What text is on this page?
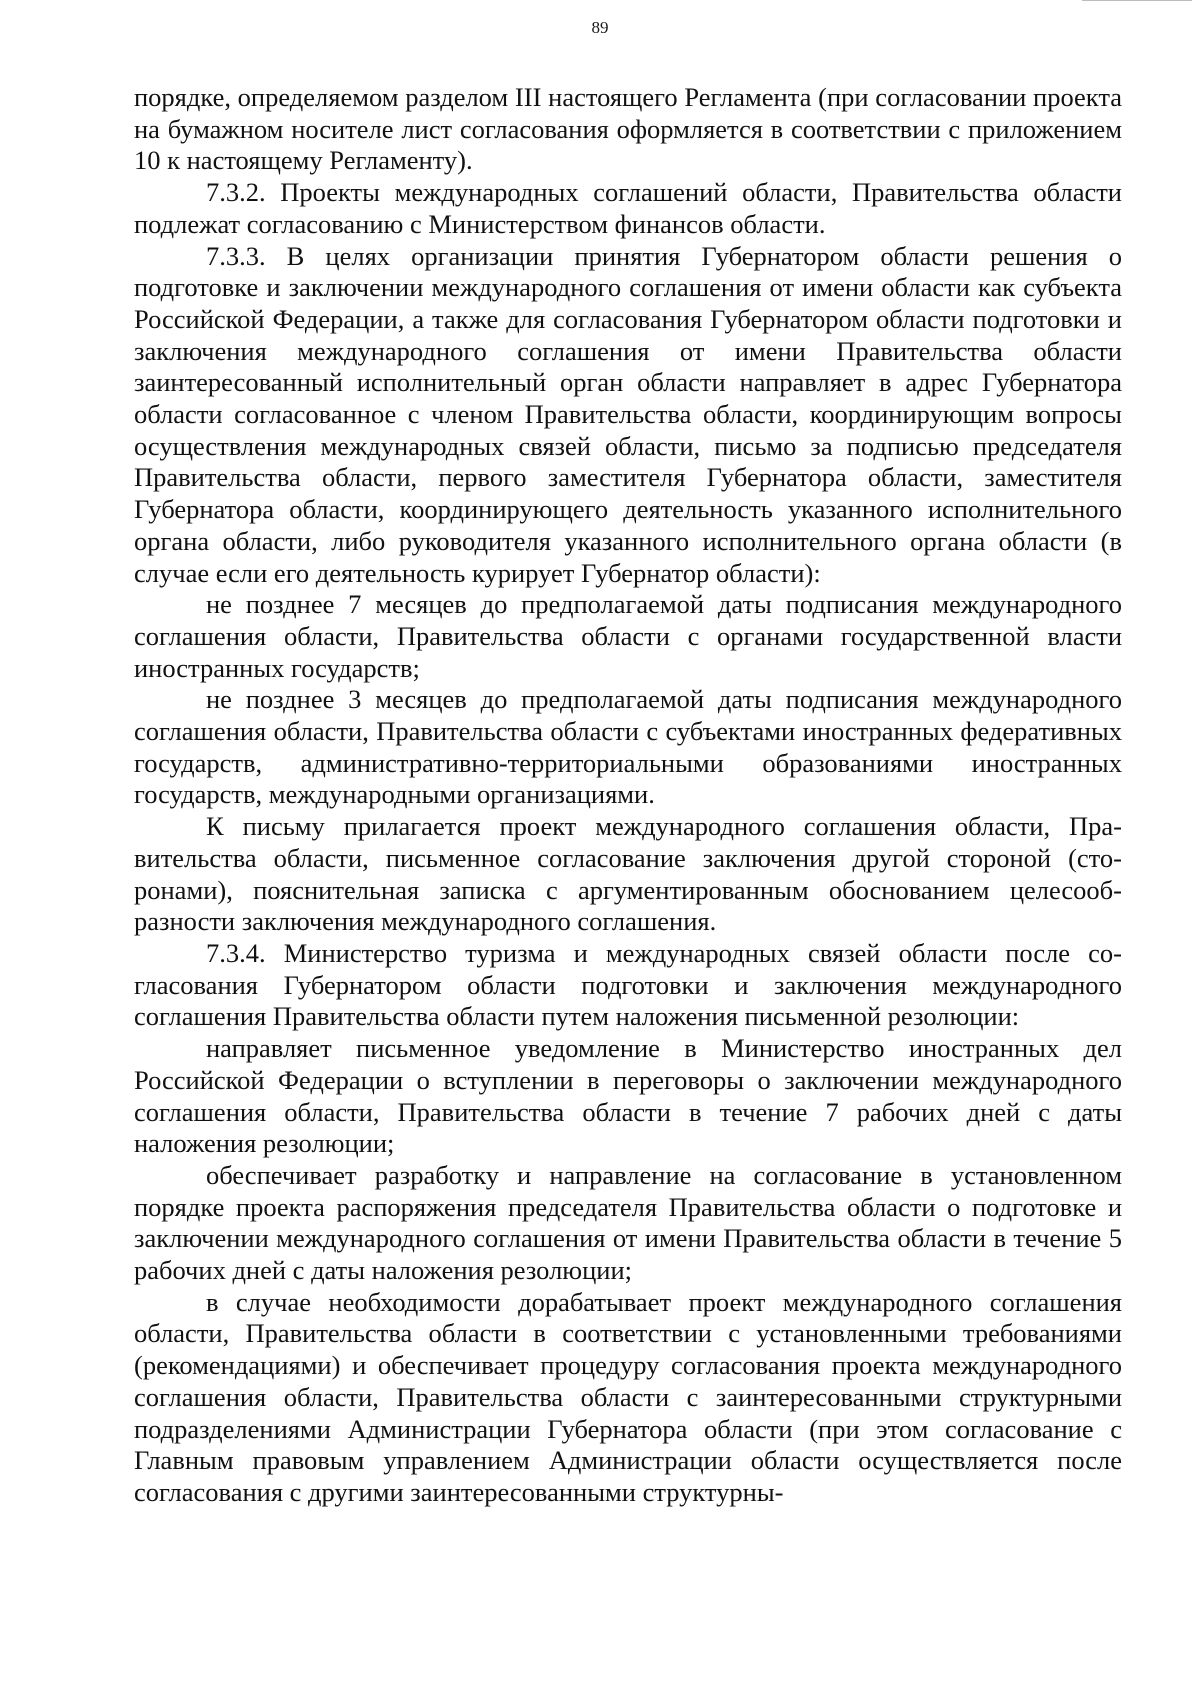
89

порядке, определяемом разделом III настоящего Регламента (при согласовании проекта на бумажном носителе лист согласования оформляется в соответствии с приложением 10 к настоящему Регламенту).

7.3.2. Проекты международных соглашений области, Правительства области подлежат согласованию с Министерством финансов области.

7.3.3. В целях организации принятия Губернатором области решения о подготовке и заключении международного соглашения от имени области как субъекта Российской Федерации, а также для согласования Губернатором области подготовки и заключения международного соглашения от имени Правительства области заинтересованный исполнительный орган области направляет в адрес Губернатора области согласованное с членом Правительства области, координирующим вопросы осуществления международных связей области, письмо за подписью председателя Правительства области, первого заместителя Губернатора области, заместителя Губернатора области, координирующего деятельность указанного исполнительного органа области, либо руководителя указанного исполнительного органа области (в случае если его деятельность курирует Губернатор области):

не позднее 7 месяцев до предполагаемой даты подписания международного соглашения области, Правительства области с органами государственной власти иностранных государств;

не позднее 3 месяцев до предполагаемой даты подписания международного соглашения области, Правительства области с субъектами иностранных федеративных государств, административно-территориальными образованиями иностранных государств, международными организациями.

К письму прилагается проект международного соглашения области, Правительства области, письменное согласование заключения другой стороной (сторонами), пояснительная записка с аргументированным обоснованием целесообразности заключения международного соглашения.

7.3.4. Министерство туризма и международных связей области после согласования Губернатором области подготовки и заключения международного соглашения Правительства области путем наложения письменной резолюции:

направляет письменное уведомление в Министерство иностранных дел Российской Федерации о вступлении в переговоры о заключении международного соглашения области, Правительства области в течение 7 рабочих дней с даты наложения резолюции;

обеспечивает разработку и направление на согласование в установленном порядке проекта распоряжения председателя Правительства области о подготовке и заключении международного соглашения от имени Правительства области в течение 5 рабочих дней с даты наложения резолюции;

в случае необходимости дорабатывает проект международного соглашения области, Правительства области в соответствии с установленными требованиями (рекомендациями) и обеспечивает процедуру согласования проекта международного соглашения области, Правительства области с заинтересованными структурными подразделениями Администрации Губернатора области (при этом согласование с Главным правовым управлением Администрации области осуществляется после согласования с другими заинтересованными структурны-
